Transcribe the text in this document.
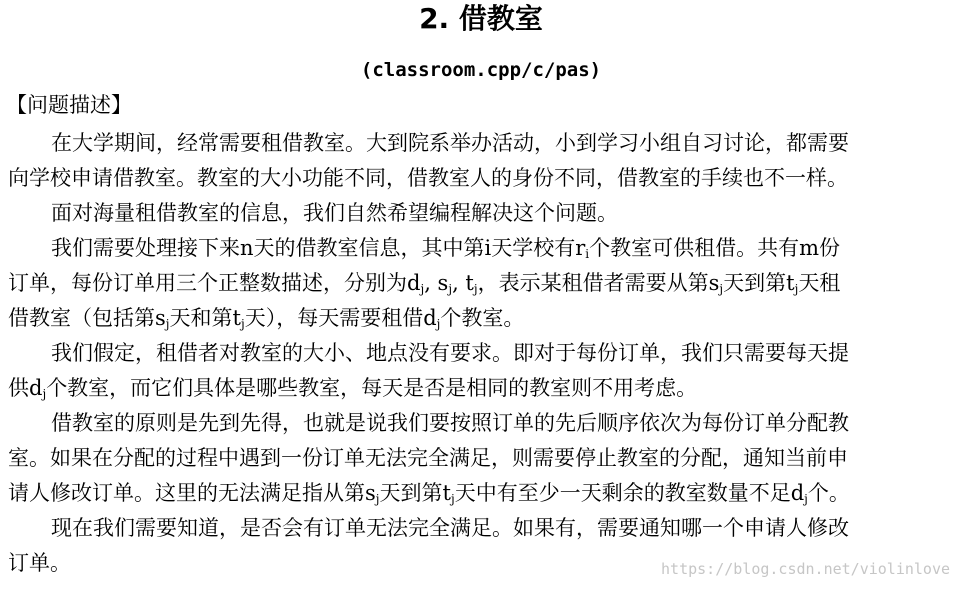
2. 借教室
(classroom.cpp/c/pas)
【问题描述】

在大学期间，经常需要租借教室。大到院系举办活动，小到学习小组自习讨论，都需要
向学校申请借教室。教室的大小功能不同，借教室人的身份不同，借教室的手续也不一样。

面对海量租借教室的信息，我们自然希望编程解决这个问题。

我们需要处理接下来n天的借教室信息，其中第i天学校有$r_i$个教室可供租借。共有m份
订单，每份订单用三个正整数描述，分别为$d_j$, $s_j$, $t_j$，表示某租借者需要从第$s_j$天到第$t_j$天租
借教室（包括第$s_j$天和第$t_j$天），每天需要租借$d_j$个教室。

我们假定，租借者对教室的大小、地点没有要求。即对于每份订单，我们只需要每天提
供$d_j$个教室，而它们具体是哪些教室，每天是否是相同的教室则不用考虑。

借教室的原则是先到先得，也就是说我们要按照订单的先后顺序依次为每份订单分配教
室。如果在分配的过程中遇到一份订单无法完全满足，则需要停止教室的分配，通知当前申
请人修改订单。这里的无法满足指从第$s_j$天到第$t_j$天中有至少一天剩余的教室数量不足$d_j$个。

现在我们需要知道，是否会有订单无法完全满足。如果有，需要通知哪一个申请人修改
订单。	https://blog.csdn.net/violinlove
